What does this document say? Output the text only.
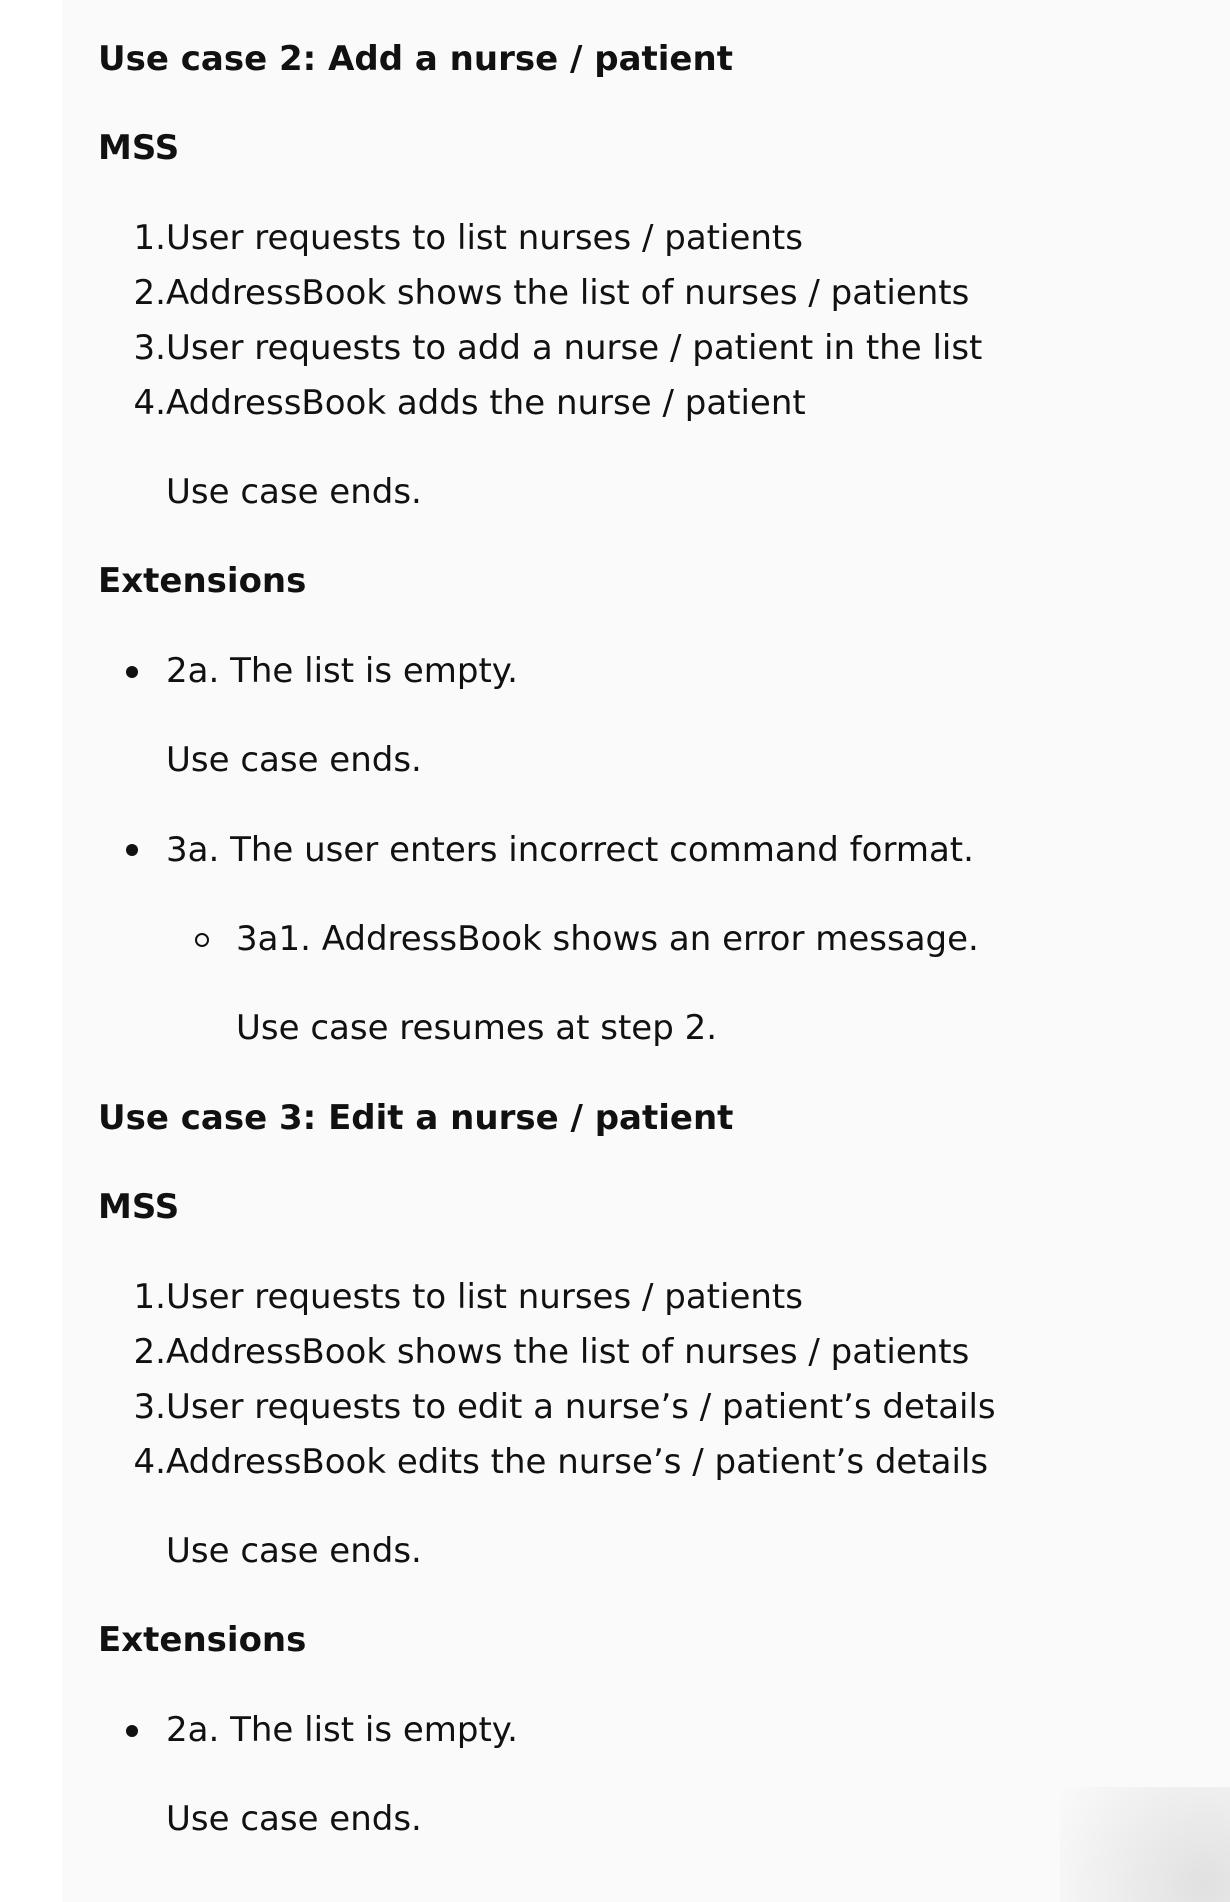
Use case 2: Add a nurse / patient
MSS
1. User requests to list nurses / patients
2. AddressBook shows the list of nurses / patients
3. User requests to add a nurse / patient in the list
4. AddressBook adds the nurse / patient
Use case ends.
Extensions
2a. The list is empty.
Use case ends.
3a. The user enters incorrect command format.
3a1. AddressBook shows an error message.
Use case resumes at step 2.
Use case 3: Edit a nurse / patient
MSS
1. User requests to list nurses / patients
2. AddressBook shows the list of nurses / patients
3. User requests to edit a nurse’s / patient’s details
4. AddressBook edits the nurse’s / patient’s details
Use case ends.
Extensions
2a. The list is empty.
Use case ends.
